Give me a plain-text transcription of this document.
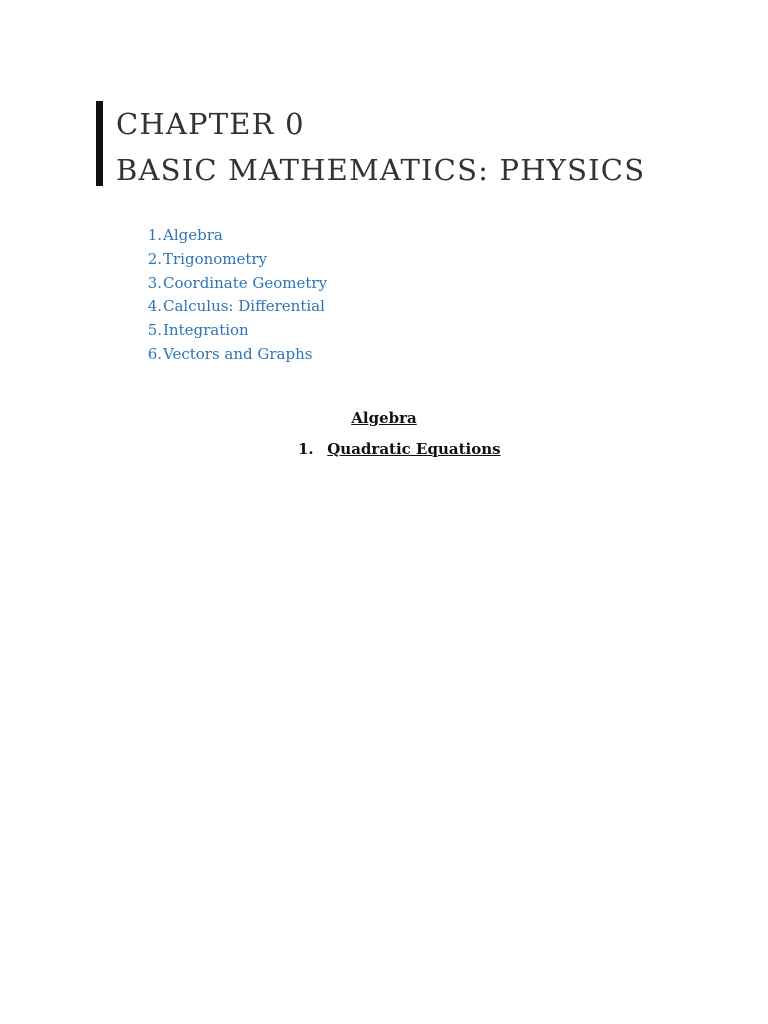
CHAPTER 0
BASIC MATHEMATICS: PHYSICS
1. Algebra
2. Trigonometry
3. Coordinate Geometry
4. Calculus: Differential
5. Integration
6. Vectors and Graphs
Algebra
1. Quadratic Equations
